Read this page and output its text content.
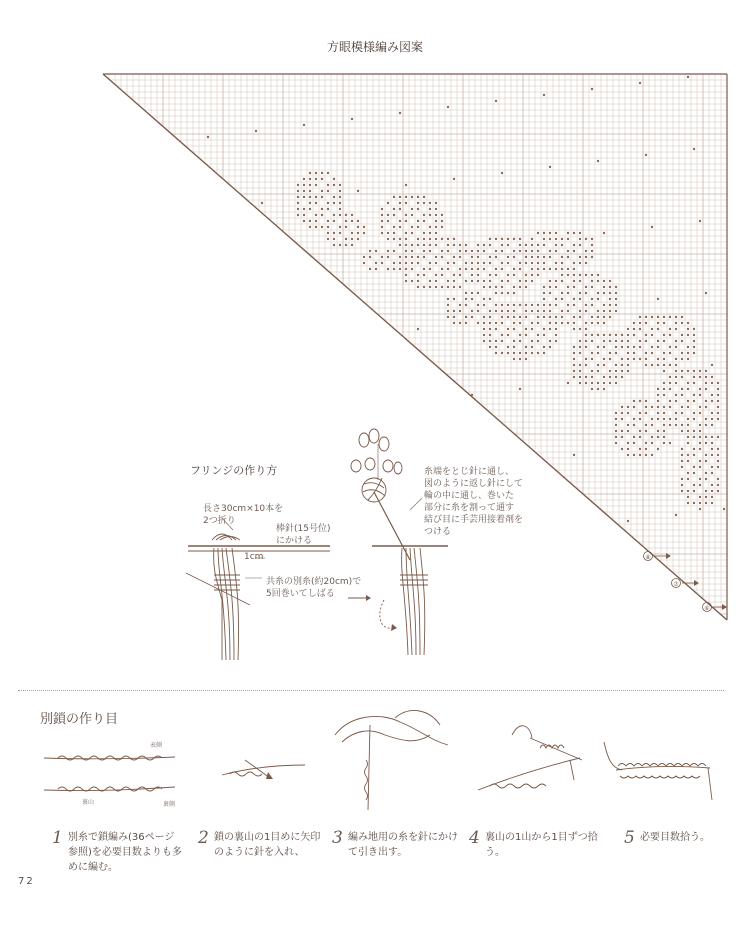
方眼模様編み図案
⑧
⑦
⑥
フリンジの作り方
長さ30cm×10本を
2つ折り
棒針(15号位)
にかける
1cm
共糸の別糸(約20cm)で
5回巻いてしばる
糸端をとじ針に通し、
図のように返し針にして
輪の中に通し、巻いた
部分に糸を割って通す
結び目に手芸用接着剤を
つける
別鎖の作り目
表側
裏山	裏側
1 別糸で鎖編み(36ページ
参照)を必要目数よりも多
めに編む。
2 鎖の裏山の1目めに矢印
のように針を入れ、
3 編み地用の糸を針にかけ
て引き出す。
4 裏山の1山から1目ずつ拾
う。
5 必要目数拾う。
72
